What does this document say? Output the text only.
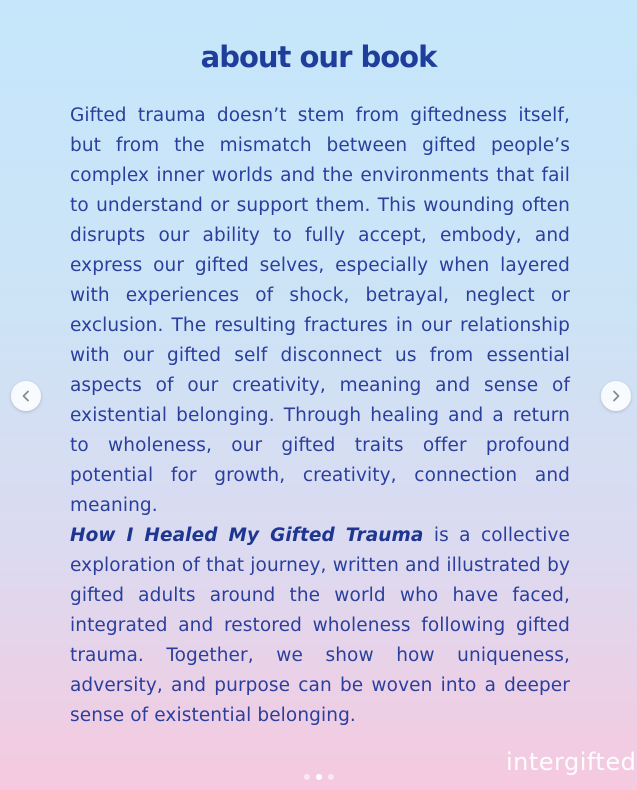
about our book

Gifted trauma doesn’t stem from giftedness itself, but from the mismatch between gifted people’s complex inner worlds and the environments that fail to understand or support them. This wounding often disrupts our ability to fully accept, embody, and express our gifted selves, especially when layered with experiences of shock, betrayal, neglect or exclusion. The resulting fractures in our relationship with our gifted self disconnect us from essential aspects of our creativity, meaning and sense of existential belonging. Through healing and a return to wholeness, our gifted traits offer profound potential for growth, creativity, connection and meaning.

How I Healed My Gifted Trauma is a collective exploration of that journey, written and illustrated by gifted adults around the world who have faced, integrated and restored wholeness following gifted trauma. Together, we show how uniqueness, adversity, and purpose can be woven into a deeper sense of existential belonging.

intergifted
